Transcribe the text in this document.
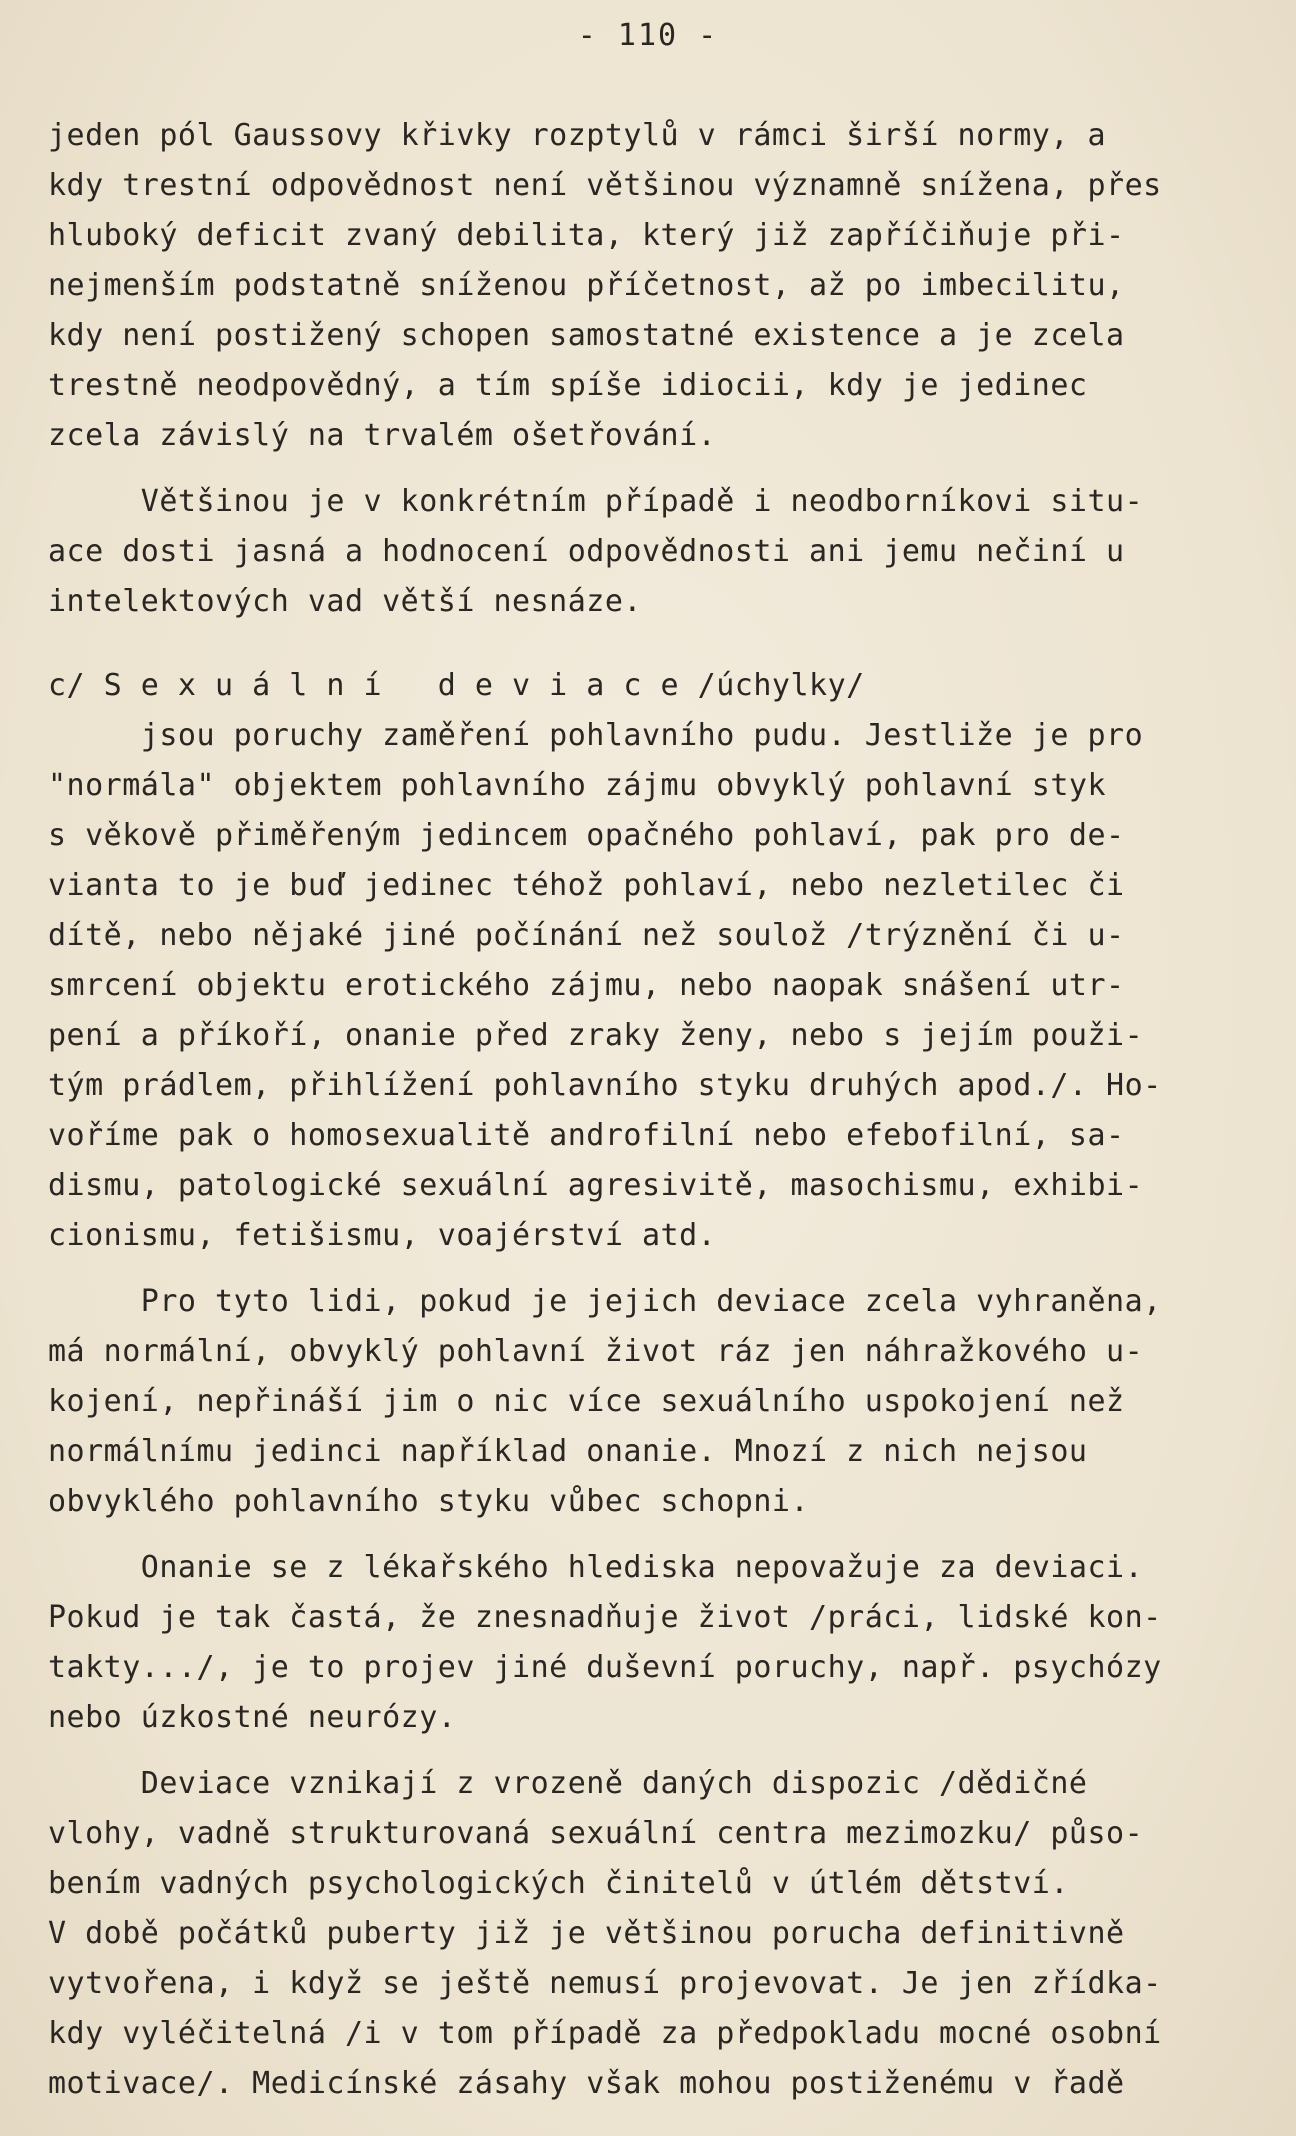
- 110 -

jeden pól Gaussovy křivky rozptylů v rámci širší normy, a

kdy trestní odpovědnost není většinou významně snížena, přes

hluboký deficit zvaný debilita, který již zapříčiňuje při-

nejmenším podstatně sníženou příčetnost, až po imbecilitu,

kdy není postižený schopen samostatné existence a je zcela

trestně neodpovědný, a tím spíše idiocii, kdy je jedinec

zcela závislý na trvalém ošetřování.

Většinou je v konkrétním případě i neodborníkovi situ-

ace dosti jasná a hodnocení odpovědnosti ani jemu nečiní u

intelektových vad větší nesnáze.

c/ S e x u á l n í   d e v i a c e /úchylky/

jsou poruchy zaměření pohlavního pudu. Jestliže je pro

"normála" objektem pohlavního zájmu obvyklý pohlavní styk

s věkově přiměřeným jedincem opačného pohlaví, pak pro de-

vianta to je buď jedinec téhož pohlaví, nebo nezletilec či

dítě, nebo nějaké jiné počínání než soulož /trýznění či u-

smrcení objektu erotického zájmu, nebo naopak snášení utr-

pení a příkoří, onanie před zraky ženy, nebo s jejím použi-

tým prádlem, přihlížení pohlavního styku druhých apod./. Ho-

voříme pak o homosexualitě androfilní nebo efebofilní, sa-

dismu, patologické sexuální agresivitě, masochismu, exhibi-

cionismu, fetišismu, voajérství atd.

Pro tyto lidi, pokud je jejich deviace zcela vyhraněna,

má normální, obvyklý pohlavní život ráz jen náhražkového u-

kojení, nepřináší jim o nic více sexuálního uspokojení než

normálnímu jedinci například onanie. Mnozí z nich nejsou

obvyklého pohlavního styku vůbec schopni.

Onanie se z lékařského hlediska nepovažuje za deviaci.

Pokud je tak častá, že znesnadňuje život /práci, lidské kon-

takty.../, je to projev jiné duševní poruchy, např. psychózy

nebo úzkostné neurózy.

Deviace vznikají z vrozeně daných dispozic /dědičné

vlohy, vadně strukturovaná sexuální centra mezimozku/ půso-

bením vadných psychologických činitelů v útlém dětství.

V době počátků puberty již je většinou porucha definitivně

vytvořena, i když se ještě nemusí projevovat. Je jen zřídka-

kdy vyléčitelná /i v tom případě za předpokladu mocné osobní

motivace/. Medicínské zásahy však mohou postiženému v řadě
